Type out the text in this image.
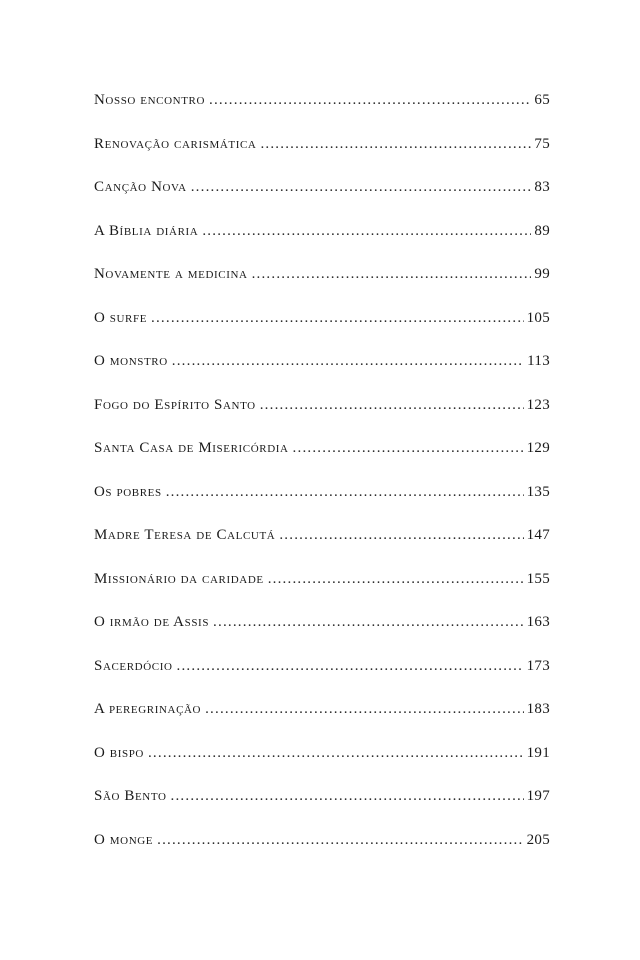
Nosso encontro .....	65
Renovação carismática .....	75
Canção Nova .....	83
A Bíblia diária .....	89
Novamente a medicina .....	99
O surfe .....	105
O monstro .....	113
Fogo do Espírito Santo .....	123
Santa Casa de Misericórdia .....	129
Os pobres .....	135
Madre Teresa de Calcutá .....	147
Missionário da caridade .....	155
O irmão de Assis .....	163
Sacerdócio .....	173
A peregrinação .....	183
O bispo .....	191
São Bento .....	197
O monge .....	205
